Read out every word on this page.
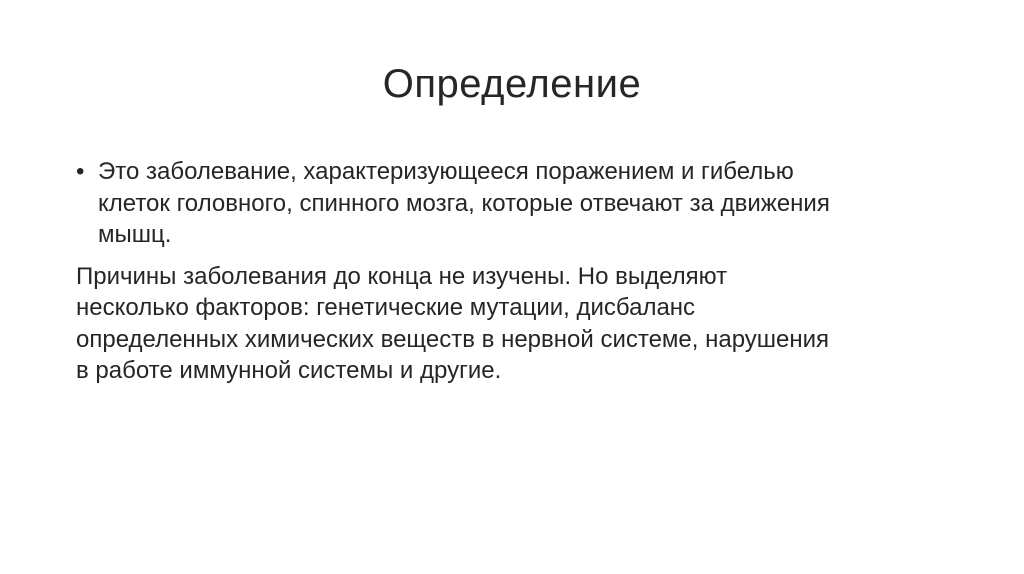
Определение
• Это заболевание, характеризующееся поражением и гибелью
клеток головного, спинного мозга, которые отвечают за движения
мышц.
Причины заболевания до конца не изучены. Но выделяют
несколько факторов: генетические мутации, дисбаланс
определенных химических веществ в нервной системе, нарушения
в работе иммунной системы и другие.
